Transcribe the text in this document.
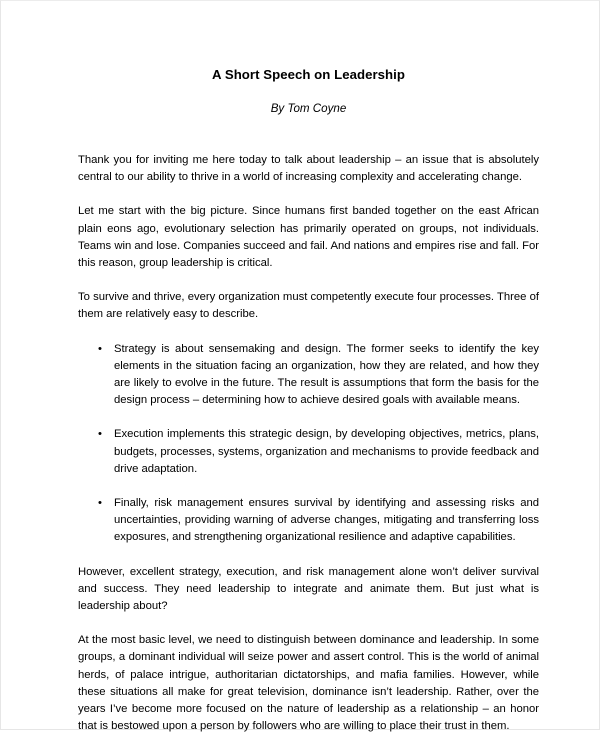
A Short Speech on Leadership

By Tom Coyne

Thank you for inviting me here today to talk about leadership – an issue that is absolutely central to our ability to thrive in a world of increasing complexity and accelerating change.

Let me start with the big picture. Since humans first banded together on the east African plain eons ago, evolutionary selection has primarily operated on groups, not individuals. Teams win and lose. Companies succeed and fail. And nations and empires rise and fall. For this reason, group leadership is critical.

To survive and thrive, every organization must competently execute four processes. Three of them are relatively easy to describe.

• Strategy is about sensemaking and design. The former seeks to identify the key elements in the situation facing an organization, how they are related, and how they are likely to evolve in the future. The result is assumptions that form the basis for the design process – determining how to achieve desired goals with available means.
• Execution implements this strategic design, by developing objectives, metrics, plans, budgets, processes, systems, organization and mechanisms to provide feedback and drive adaptation.
• Finally, risk management ensures survival by identifying and assessing risks and uncertainties, providing warning of adverse changes, mitigating and transferring loss exposures, and strengthening organizational resilience and adaptive capabilities.

However, excellent strategy, execution, and risk management alone won’t deliver survival and success. They need leadership to integrate and animate them. But just what is leadership about?

At the most basic level, we need to distinguish between dominance and leadership. In some groups, a dominant individual will seize power and assert control. This is the world of animal herds, of palace intrigue, authoritarian dictatorships, and mafia families. However, while these situations all make for great television, dominance isn’t leadership. Rather, over the years I’ve become more focused on the nature of leadership as a relationship – an honor that is bestowed upon a person by followers who are willing to place their trust in them.
